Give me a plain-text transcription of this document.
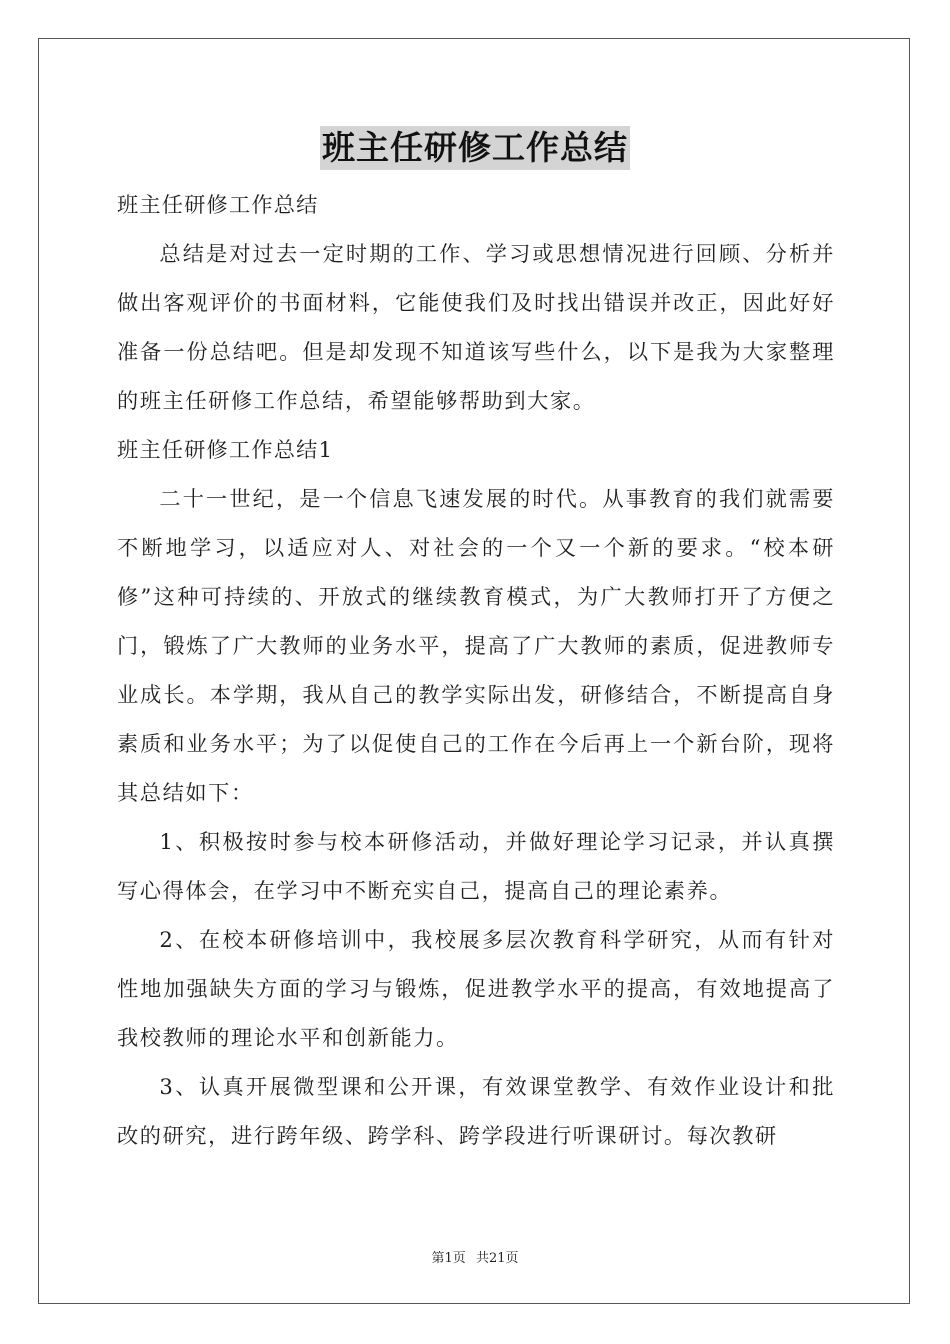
班主任研修工作总结

班主任研修工作总结

总结是对过去一定时期的工作、学习或思想情况进行回顾、分析并做出客观评价的书面材料，它能使我们及时找出错误并改正，因此好好准备一份总结吧。但是却发现不知道该写些什么，以下是我为大家整理的班主任研修工作总结，希望能够帮助到大家。

班主任研修工作总结1

二十一世纪，是一个信息飞速发展的时代。从事教育的我们就需要不断地学习，以适应对人、对社会的一个又一个新的要求。“校本研修”这种可持续的、开放式的继续教育模式，为广大教师打开了方便之门，锻炼了广大教师的业务水平，提高了广大教师的素质，促进教师专业成长。本学期，我从自己的教学实际出发，研修结合，不断提高自身素质和业务水平；为了以促使自己的工作在今后再上一个新台阶，现将其总结如下：

1、积极按时参与校本研修活动，并做好理论学习记录，并认真撰写心得体会，在学习中不断充实自己，提高自己的理论素养。

2、在校本研修培训中，我校展多层次教育科学研究，从而有针对性地加强缺失方面的学习与锻炼，促进教学水平的提高，有效地提高了我校教师的理论水平和创新能力。

3、认真开展微型课和公开课，有效课堂教学、有效作业设计和批改的研究，进行跨年级、跨学科、跨学段进行听课研讨。每次教研

第1页 共21页
